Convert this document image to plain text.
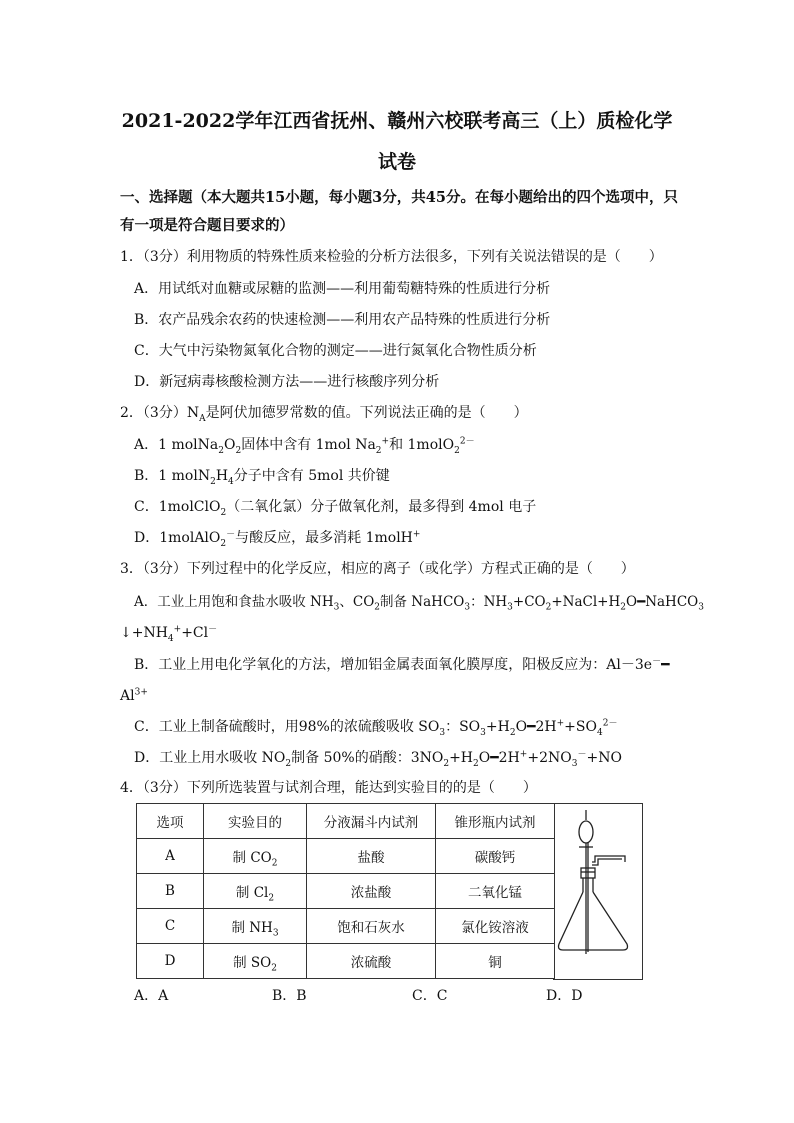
2021-2022学年江西省抚州、赣州六校联考高三（上）质检化学
试卷
一、选择题（本大题共15小题，每小题3分，共45分。在每小题给出的四个选项中，只
有一项是符合题目要求的）
1．（3分）利用物质的特殊性质来检验的分析方法很多，下列有关说法错误的是（　　）
A．用试纸对血糖或尿糖的监测——利用葡萄糖特殊的性质进行分析
B．农产品残余农药的快速检测——利用农产品特殊的性质进行分析
C．大气中污染物氮氧化合物的测定——进行氮氧化合物性质分析
D．新冠病毒核酸检测方法——进行核酸序列分析
2．（3分）$N_A$是阿伏加德罗常数的值。下列说法正确的是（　　）
A．1 $molNa_2O_2$固体中含有 1mol $Na_2^+$和 1molO$_2^{2-}$
B．1 $molN_2H_4$分子中含有 5mol 共价键
C．1molClO$_2$（二氧化氯）分子做氧化剂，最多得到 4mol 电子
D．1molAlO$_2$－与酸反应，最多消耗 1molH+
3．（3分）下列过程中的化学反应，相应的离子（或化学）方程式正确的是（　　）
A．工业上用饱和食盐水吸收 $NH_3$、$CO_2$制备 NaHCO$_3$：$NH_3+CO_2+NaCl+H_2O━NaHCO_3$
$↓+NH_4^++Cl^-$
B．工业上用电化学氧化的方法，增加铝金属表面氧化膜厚度，阳极反应为：Al－3e－━
$Al^{3+}$
C．工业上制备硫酸时，用98%的浓硫酸吸收 $SO_3$：$SO_3+H_2O━2H^++SO_4^{2-}$
D．工业上用水吸收 $NO_2$制备 50%的硝酸：$3NO_2+H_2O━2H^++2NO_3^-+NO$
4．（3分）下列所选装置与试剂合理，能达到实验目的的是（　　）
选项	实验目的	分液漏斗内试剂	锥形瓶内试剂
A	制 $CO_2$	盐酸	碳酸钙
B	制 $Cl_2$	浓盐酸	二氧化锰
C	制 $NH_3$	饱和石灰水	氯化铵溶液
D	制 $SO_2$	浓硫酸	铜
A．A	B．B	C．C	D．D
